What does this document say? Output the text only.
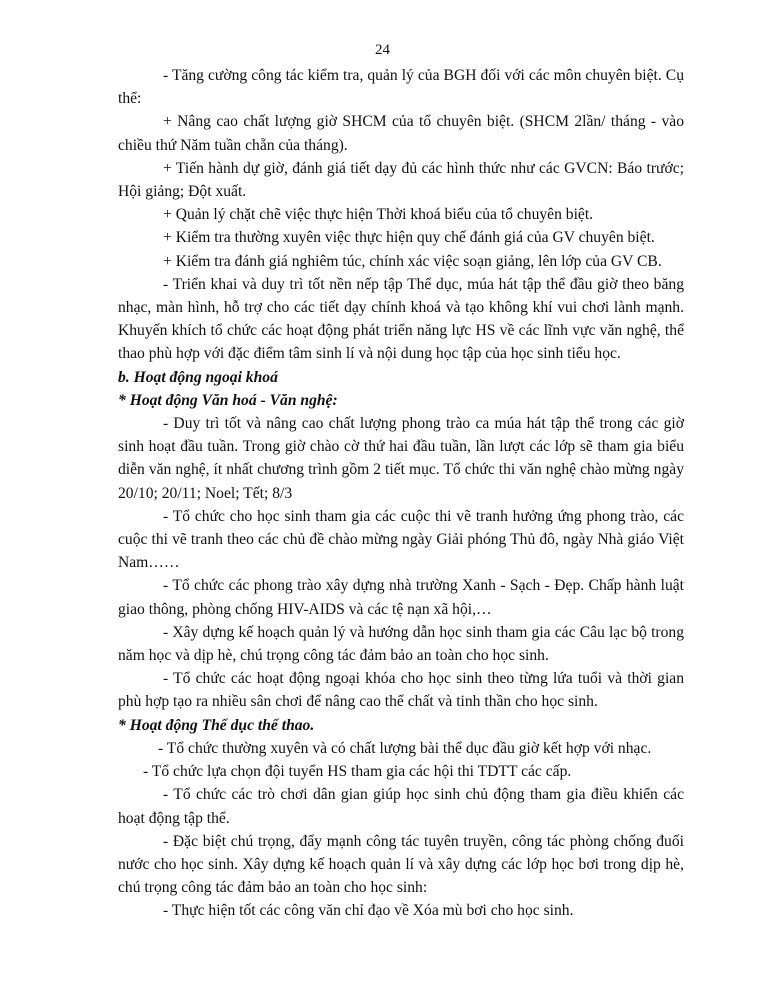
24

- Tăng cường công tác kiểm tra, quản lý của BGH đối với các môn chuyên biệt. Cụ thể:

+ Nâng cao chất lượng giờ SHCM của tổ chuyên biệt. (SHCM 2lần/ tháng - vào chiều thứ Năm tuần chẵn của tháng).

+ Tiến hành dự giờ, đánh giá tiết dạy đủ các hình thức như các GVCN: Báo trước; Hội giảng; Đột xuất.

+ Quản lý chặt chẽ việc thực hiện Thời khoá biểu của tổ chuyên biệt.

+ Kiểm tra thường xuyên việc thực hiện quy chế đánh giá của GV chuyên biệt.

+ Kiểm tra đánh giá nghiêm túc, chính xác việc soạn giảng, lên lớp của GV CB.

- Triển khai và duy trì tốt nền nếp tập Thể dục, múa hát tập thể đầu giờ theo băng nhạc, màn hình, hỗ trợ cho các tiết dạy chính khoá và tạo không khí vui chơi lành mạnh. Khuyến khích tổ chức các hoạt động phát triển năng lực HS về các lĩnh vực văn nghệ, thể thao phù hợp với đặc điểm tâm sinh lí và nội dung học tập của học sinh tiểu học.

b. Hoạt động ngoại khoá

* Hoạt động Văn hoá - Văn nghệ:

- Duy trì tốt và nâng cao chất lượng phong trào ca múa hát tập thể trong các giờ sinh hoạt đầu tuần. Trong giờ chào cờ thứ hai đầu tuần, lần lượt các lớp sẽ tham gia biểu diễn văn nghệ, ít nhất chương trình gồm 2 tiết mục. Tổ chức thi văn nghệ chào mừng ngày 20/10; 20/11; Noel; Tết; 8/3

- Tổ chức cho học sinh tham gia các cuộc thi vẽ tranh hưởng ứng phong trào, các cuộc thi vẽ tranh theo các chủ đề chào mừng ngày Giải phóng Thủ đô, ngày Nhà giáo Việt Nam……

- Tổ chức các phong trào xây dựng nhà trường Xanh - Sạch - Đẹp. Chấp hành luật giao thông, phòng chống HIV-AIDS và các tệ nạn xã hội,…

- Xây dựng kế hoạch quản lý và hướng dẫn học sinh tham gia các Câu lạc bộ trong năm học và dịp hè, chú trọng công tác đảm bảo an toàn cho học sinh.

- Tổ chức các hoạt động ngoại khóa cho học sinh theo từng lứa tuổi và thời gian phù hợp tạo ra nhiều sân chơi để nâng cao thể chất và tinh thần cho học sinh.

* Hoạt động Thể dục thể thao.

- Tổ chức thường xuyên và có chất lượng bài thể dục đầu giờ kết hợp với nhạc.

- Tổ chức lựa chọn đội tuyển HS tham gia các hội thi TDTT các cấp.

- Tổ chức các trò chơi dân gian giúp học sinh chủ động tham gia điều khiển các hoạt động tập thể.

- Đặc biệt chú trọng, đẩy mạnh công tác tuyên truyền, công tác phòng chống đuối nước cho học sinh. Xây dựng kế hoạch quản lí và xây dựng các lớp học bơi trong dịp hè, chú trọng công tác đảm bảo an toàn cho học sinh:

- Thực hiện tốt các công văn chỉ đạo về Xóa mù bơi cho học sinh.
